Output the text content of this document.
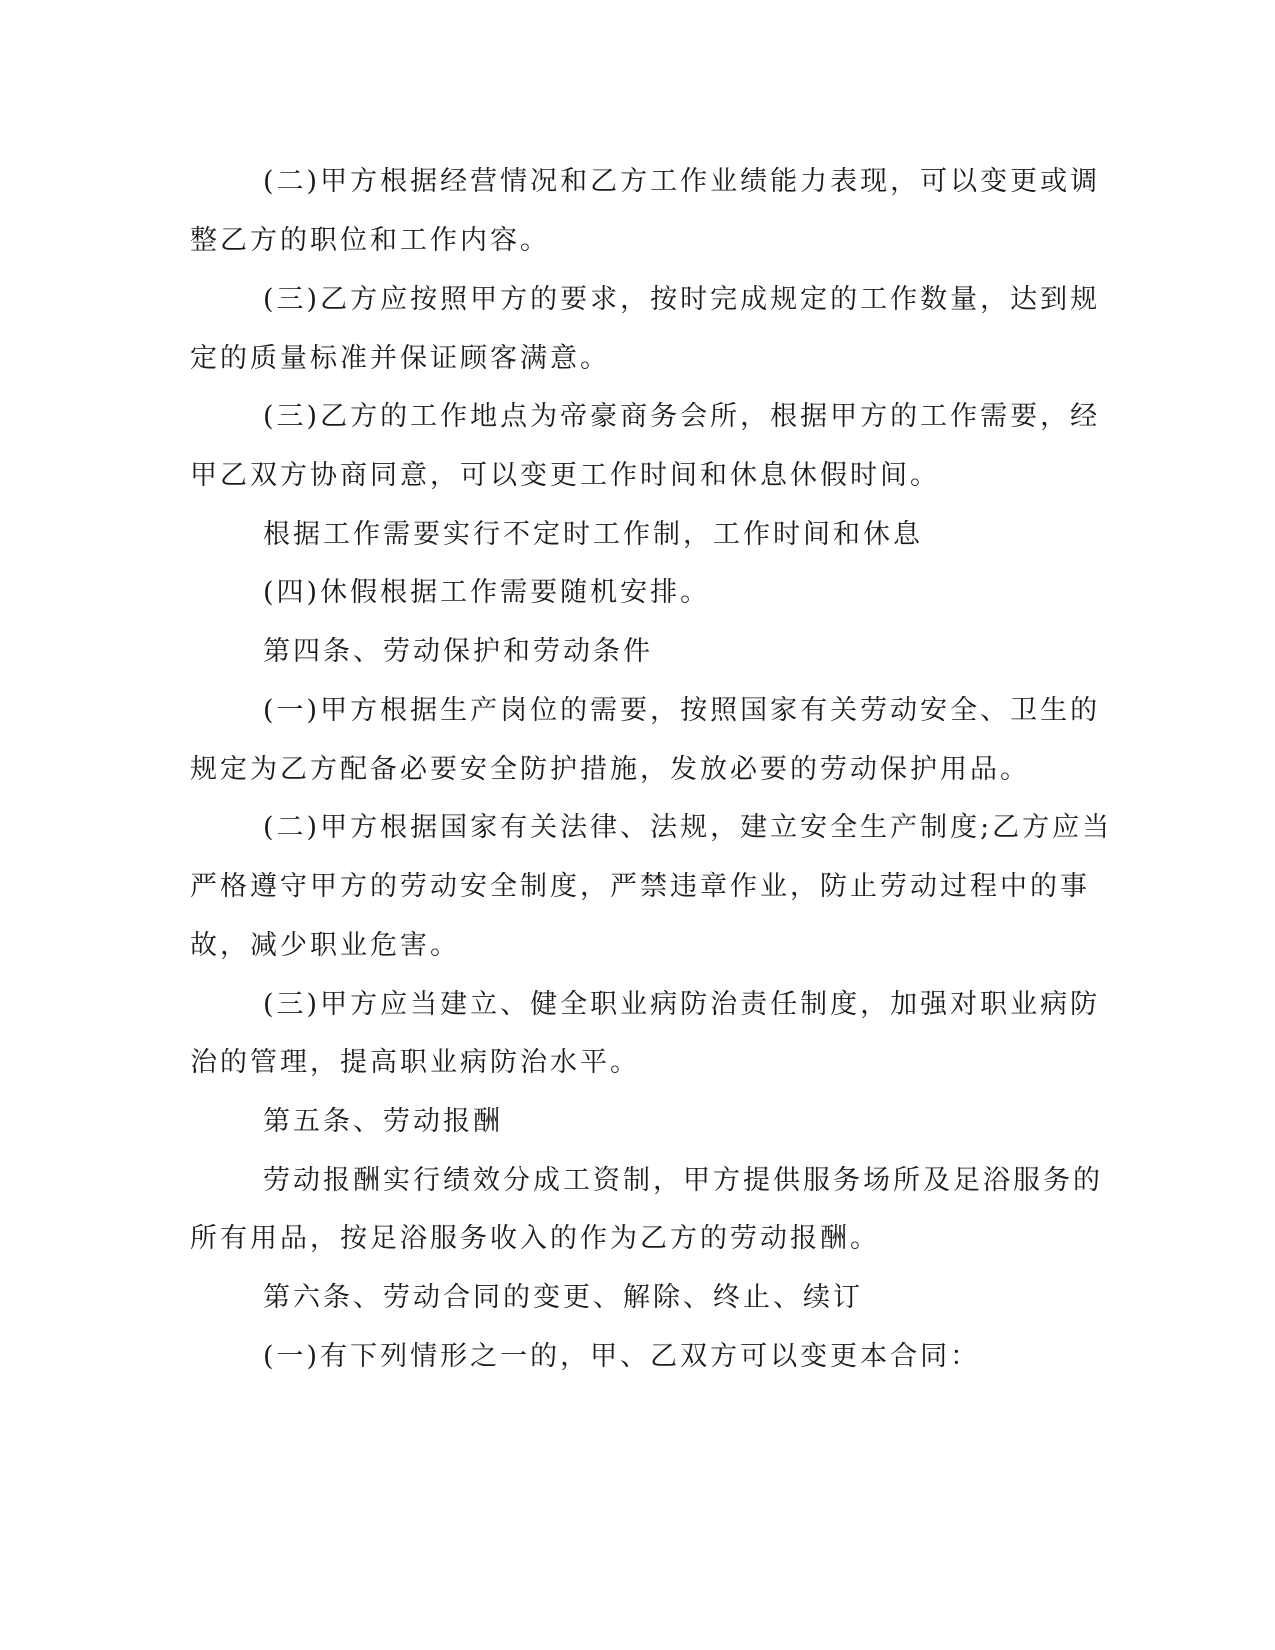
(二)甲方根据经营情况和乙方工作业绩能力表现，可以变更或调
整乙方的职位和工作内容。
(三)乙方应按照甲方的要求，按时完成规定的工作数量，达到规
定的质量标准并保证顾客满意。
(三)乙方的工作地点为帝豪商务会所，根据甲方的工作需要，经
甲乙双方协商同意，可以变更工作时间和休息休假时间。
根据工作需要实行不定时工作制，工作时间和休息
(四)休假根据工作需要随机安排。
第四条、劳动保护和劳动条件
(一)甲方根据生产岗位的需要，按照国家有关劳动安全、卫生的
规定为乙方配备必要安全防护措施，发放必要的劳动保护用品。
(二)甲方根据国家有关法律、法规，建立安全生产制度;乙方应当
严格遵守甲方的劳动安全制度，严禁违章作业，防止劳动过程中的事
故，减少职业危害。
(三)甲方应当建立、健全职业病防治责任制度，加强对职业病防
治的管理，提高职业病防治水平。
第五条、劳动报酬
劳动报酬实行绩效分成工资制，甲方提供服务场所及足浴服务的
所有用品，按足浴服务收入的作为乙方的劳动报酬。
第六条、劳动合同的变更、解除、终止、续订
(一)有下列情形之一的，甲、乙双方可以变更本合同：
